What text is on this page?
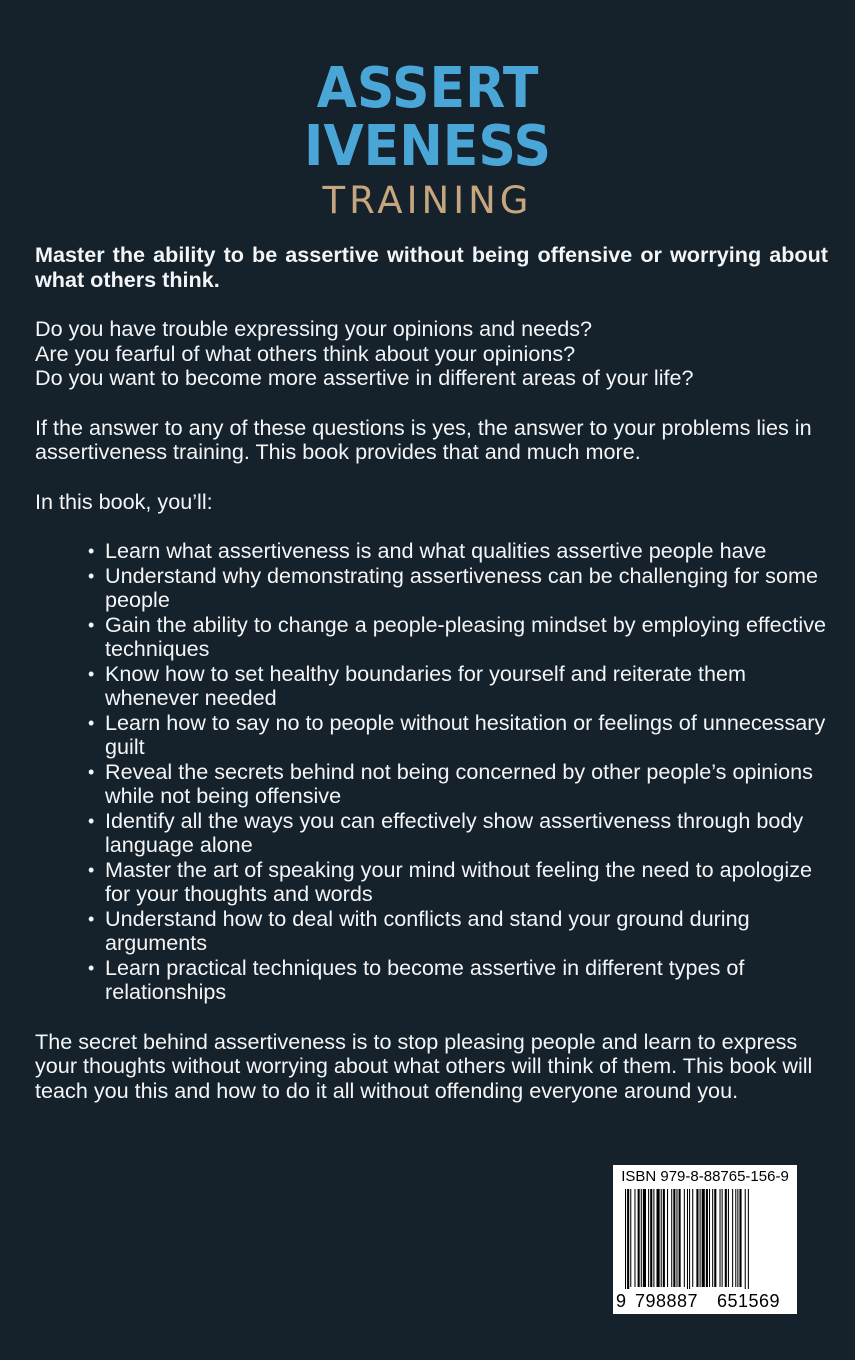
ASSERT
IVENESS
TRAINING

Master the ability to be assertive without being offensive or worrying about what others think.

Do you have trouble expressing your opinions and needs?
Are you fearful of what others think about your opinions?
Do you want to become more assertive in different areas of your life?

If the answer to any of these questions is yes, the answer to your problems lies in assertiveness training. This book provides that and much more.

In this book, you’ll:

• Learn what assertiveness is and what qualities assertive people have
• Understand why demonstrating assertiveness can be challenging for some people
• Gain the ability to change a people-pleasing mindset by employing effective techniques
• Know how to set healthy boundaries for yourself and reiterate them whenever needed
• Learn how to say no to people without hesitation or feelings of unnecessary guilt
• Reveal the secrets behind not being concerned by other people’s opinions while not being offensive
• Identify all the ways you can effectively show assertiveness through body language alone
• Master the art of speaking your mind without feeling the need to apologize for your thoughts and words
• Understand how to deal with conflicts and stand your ground during arguments
• Learn practical techniques to become assertive in different types of relationships

The secret behind assertiveness is to stop pleasing people and learn to express your thoughts without worrying about what others will think of them. This book will teach you this and how to do it all without offending everyone around you.

ISBN 979-8-88765-156-9
9 798887 651569
